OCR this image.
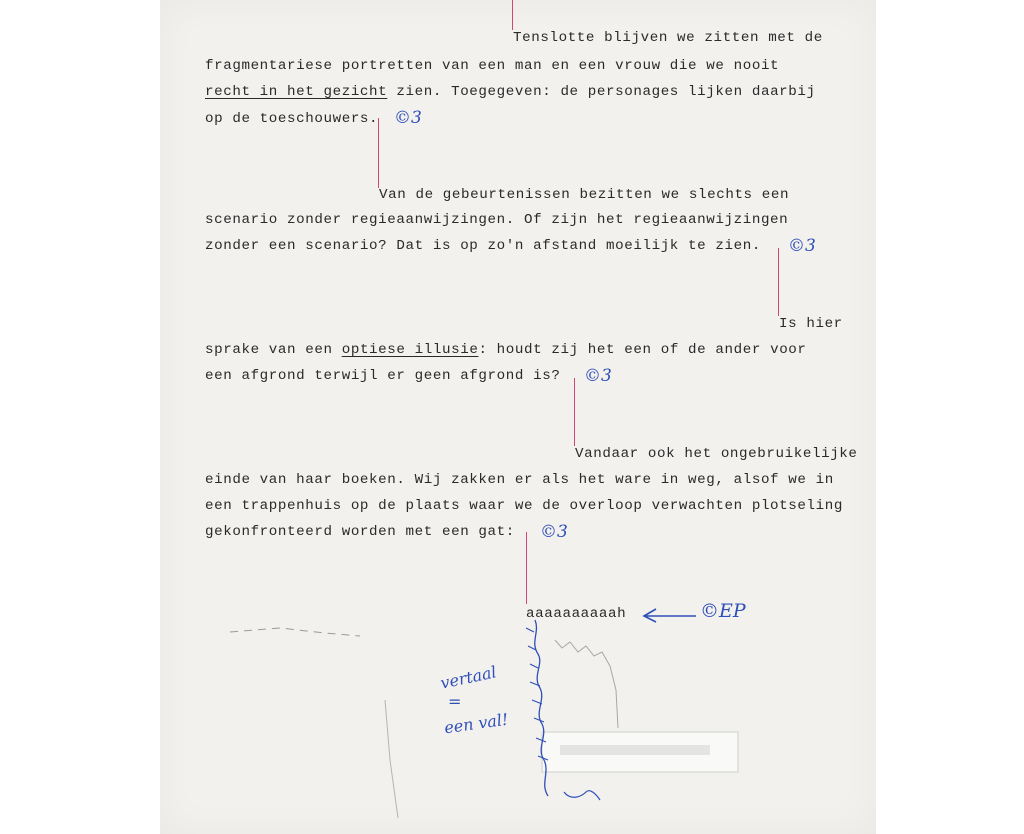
Tenslotte blijven we zitten met de
fragmentariese portretten van een man en een vrouw die we nooit
recht in het gezicht zien. Toegegeven: de personages lijken daarbij
op de toeschouwers. ©3
Van de gebeurtenissen bezitten we slechts een
scenario zonder regieaanwijzingen. Of zijn het regieaanwijzingen
zonder een scenario? Dat is op zo'n afstand moeilijk te zien. ©3
Is hier
sprake van een optiese illusie: houdt zij het een of de ander voor
een afgrond terwijl er geen afgrond is? ©3
Vandaar ook het ongebruikelijke
einde van haar boeken. Wij zakken er als het ware in weg, alsof we in
een trappenhuis op de plaats waar we de overloop verwachten plotseling
gekonfronteerd worden met een gat: ©3
aaaaaaaaaah	©EP
vertaal
=
een val!
